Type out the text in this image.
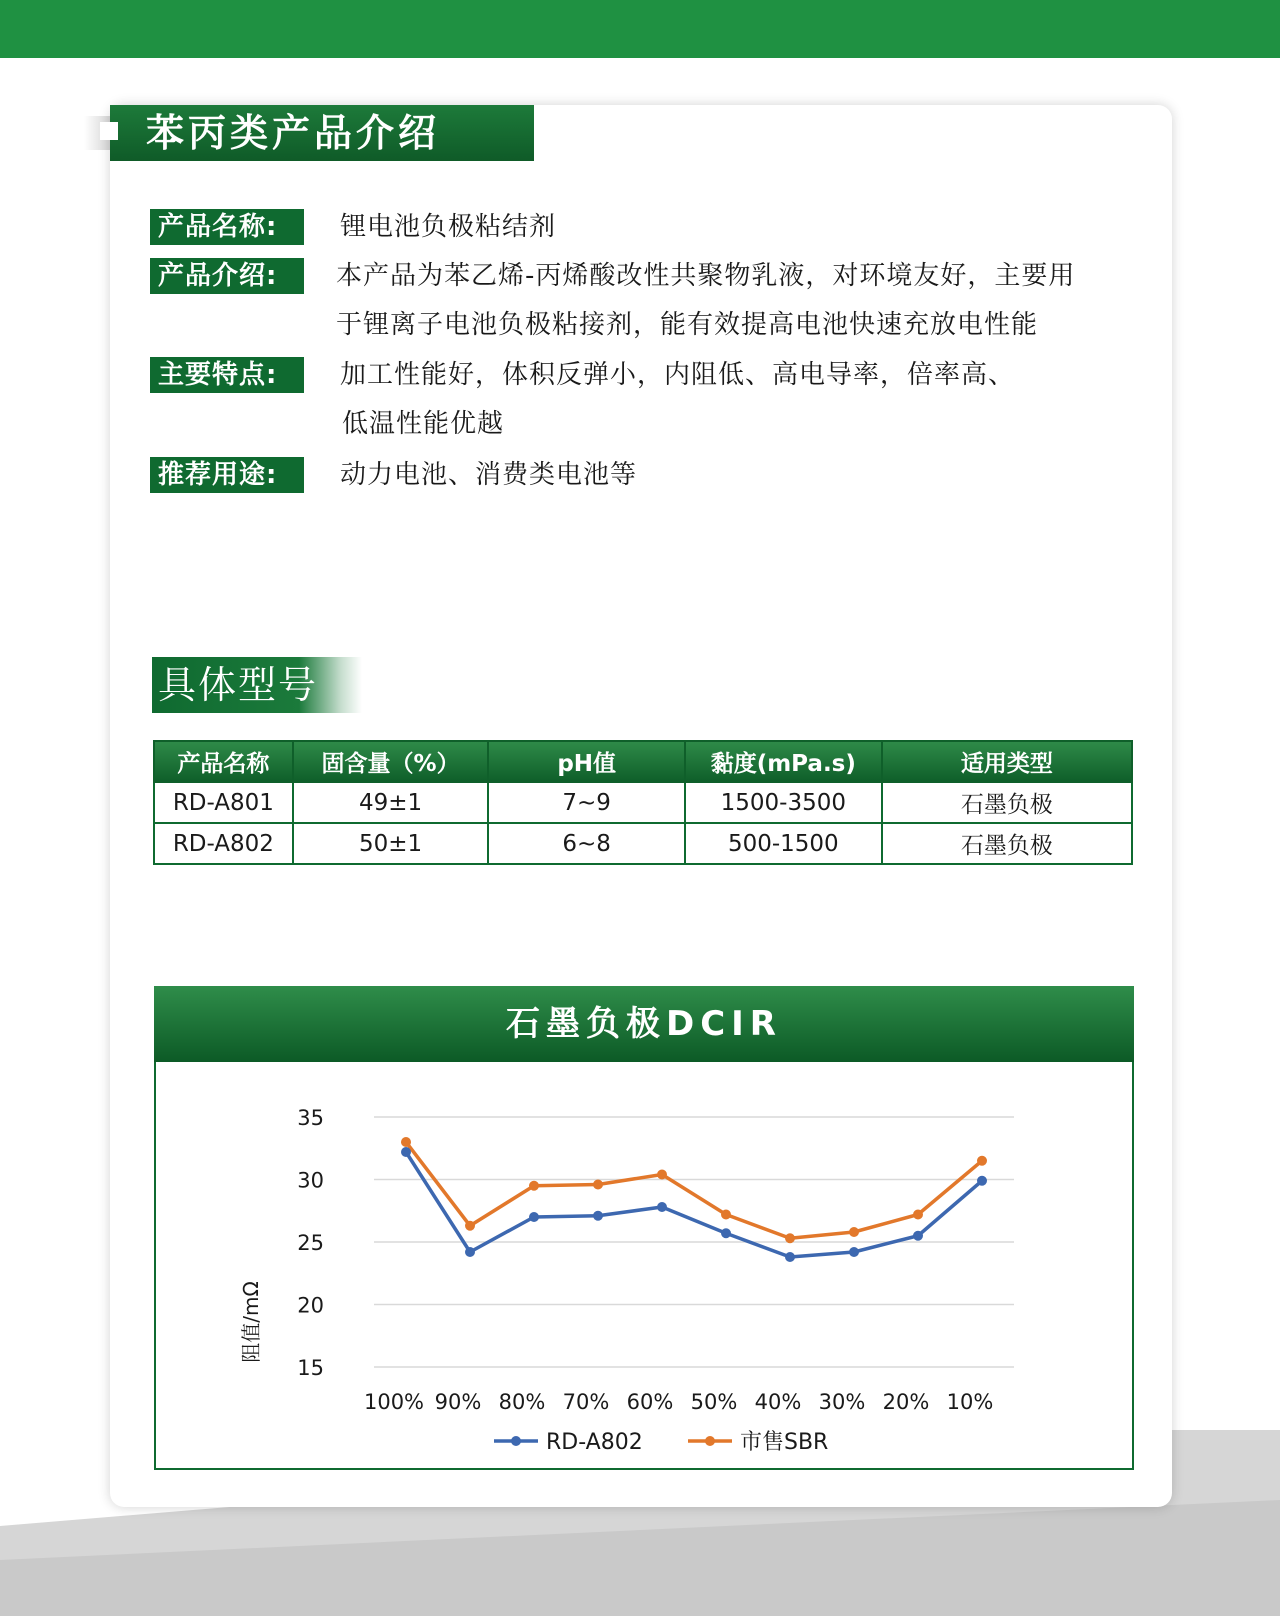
苯丙类产品介绍
产品名称:	锂电池负极粘结剂
产品介绍:	本产品为苯乙烯-丙烯酸改性共聚物乳液，对环境友好，主要用
于锂离子电池负极粘接剂，能有效提高电池快速充放电性能
主要特点:	加工性能好，体积反弹小，内阻低、高电导率，倍率高、
低温性能优越
推荐用途:	动力电池、消费类电池等
具体型号
产品名称	固含量（%）	pH值	黏度(mPa.s)	适用类型
RD-A801	49±1	7~9	1500-3500	石墨负极
RD-A802	50±1	6~8	500-1500	石墨负极
石墨负极DCIR
35
30
25
20
15
100% 90% 80% 70% 60% 50% 40% 30% 20% 10%
阻值/mΩ
RD-A802	市售SBR
